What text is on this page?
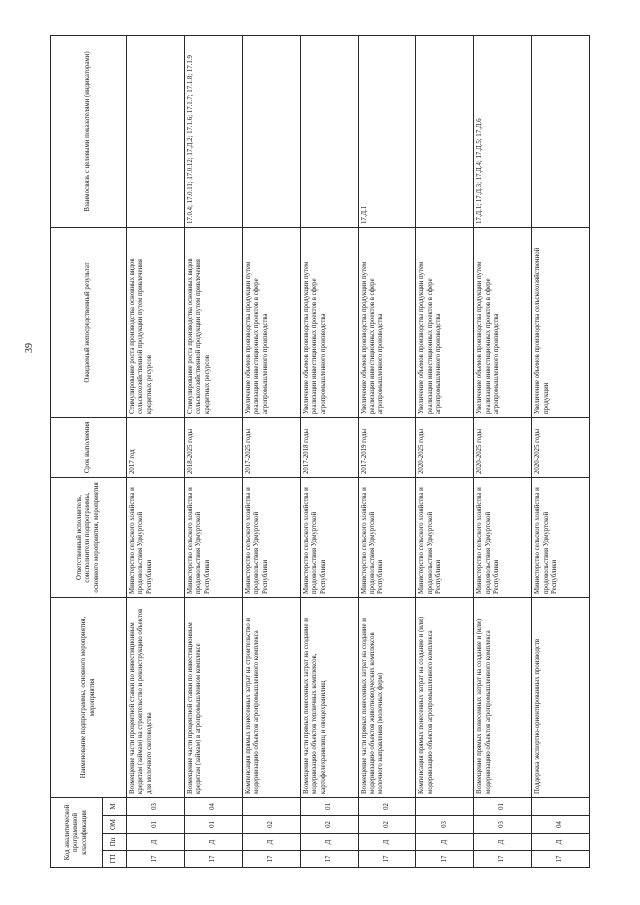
39
Код аналитической программной классификации				Наименование подпрограммы, основного мероприятия, мероприятия	Ответственный исполнитель, соисполнители подпрограммы, основного мероприятия, мероприятия	Срок выполнения	Ожидаемый непосредственный результат	Взаимосвязь с целевыми показателями (индикаторами)
ГП	Пп	ОМ	М					
17	Д	01	03	Возмещение части процентной ставки по инвестиционным кредитам (займам) на строительство и реконструкцию объектов для молочного скотоводства	Министерство сельского хозяйства и продовольствия Удмуртской Республики	2017 год	Стимулирование роста производства основных видов сельскохозяйственной продукции путем привлечения кредитных ресурсов	
17	Д	01	04	Возмещение части процентной ставки по инвестиционным кредитам (займам) в агропромышленном комплексе	Министерство сельского хозяйства и продовольствия Удмуртской Республики	2018-2025 годы	Стимулирование роста производства основных видов сельскохозяйственной продукции путем привлечения кредитных ресурсов	17.0.4; 17.0.11; 17.0.12; 17.Д.2; 17.1.6; 17.1.7; 17.1.8; 17.1.9
17	Д	02		Компенсация прямых понесенных затрат на строительство и модернизацию объектов агропромышленного комплекса	Министерство сельского хозяйства и продовольствия Удмуртской Республики	2017-2025 годы	Увеличение объемов производства продукции путем реализации инвестиционных проектов в сфере агропромышленного производства	
17	Д	02	01	Возмещение части прямых понесенных затрат на создание и модернизацию объектов тепличных комплексов, картофелехранилищ и овощехранилищ	Министерство сельского хозяйства и продовольствия Удмуртской Республики	2017-2018 годы	Увеличение объемов производства продукции путем реализации инвестиционных проектов в сфере агропромышленного производства	
17	Д	02	02	Возмещение части прямых понесенных затрат на создание и модернизацию объектов животноводческих комплексов молочного направления (молочных ферм)	Министерство сельского хозяйства и продовольствия Удмуртской Республики	2017-2019 годы	Увеличение объемов производства продукции путем реализации инвестиционных проектов в сфере агропромышленного производства	17.Д.1
17	Д	03		Компенсация прямых понесенных затрат на создание и (или) модернизацию объектов агропромышленного комплекса	Министерство сельского хозяйства и продовольствия Удмуртской Республики	2020-2025 годы	Увеличение объемов производства продукции путем реализации инвестиционных проектов в сфере агропромышленного производства	
17	Д	03	01	Возмещение прямых понесенных затрат на создание и (или) модернизацию объектов агропромышленного комплекса	Министерство сельского хозяйства и продовольствия Удмуртской Республики	2020-2025 годы	Увеличение объемов производства продукции путем реализации инвестиционных проектов в сфере агропромышленного производства	17.Д.1; 17.Д.3; 17.Д.4; 17.Д.5; 17.Д.6
17	Д	04		Поддержка экспортно-ориентированных производств	Министерство сельского хозяйства и продовольствия Удмуртской Республики	2020-2025 годы	Увеличение объемов производства сельскохозяйственной продукции	
